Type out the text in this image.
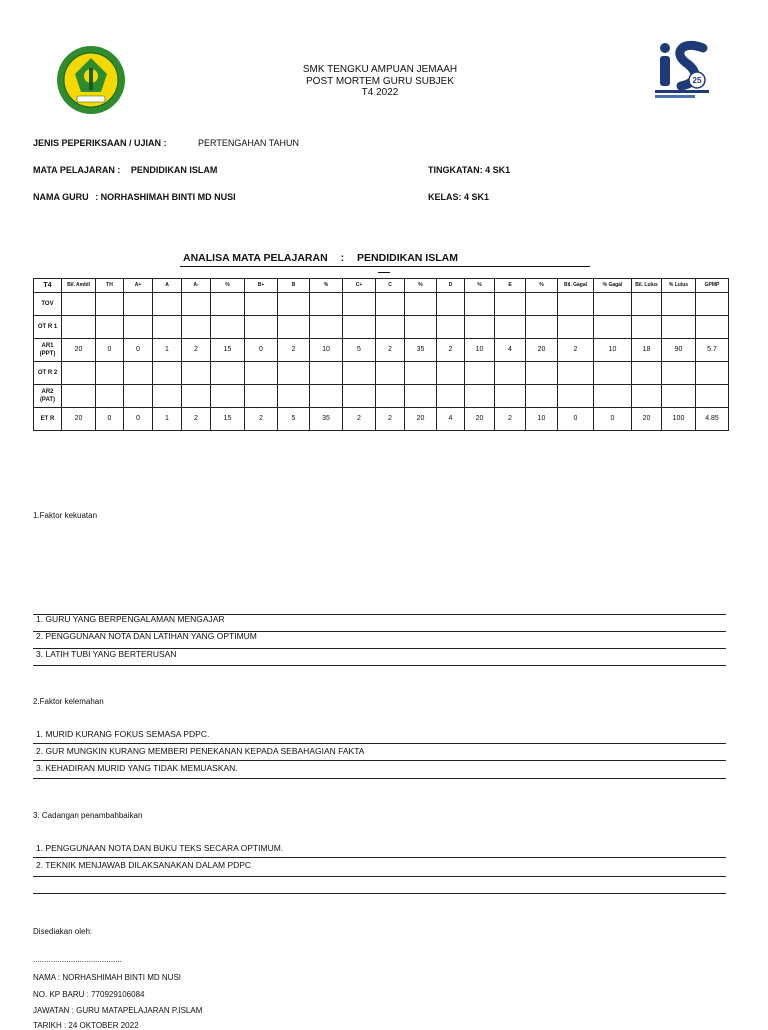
SMK TENGKU AMPUAN JEMAAH
POST MORTEM GURU SUBJEK
T4 2022
25
JENIS PEPERIKSAAN / UJIAN :	PERTENGAHAN TAHUN
MATA PELAJARAN : PENDIDIKAN ISLAM	TINGKATAN: 4 SK1
NAMA GURU : NORHASHIMAH BINTI MD NUSI	KELAS: 4 SK1
ANALISA MATA PELAJARAN : PENDIDIKAN ISLAM
T4	Bil. Ambil	TH	A+	A	A-	%	B+	B	%	C+	C	%	D	%	E	%	Bil. Gagal	% Gagal	Bil. Lulus	% Lulus	GPMP
TOV																					
OT R 1																					
AR1 (PPT)	20	0	0	1	2	15	0	2	10	5	2	35	2	10	4	20	2	10	18	90	5.7
OT R 2																					
AR2 (PAT)																					
ET R	20	0	0	1	2	15	2	5	35	2	2	20	4	20	2	10	0	0	20	100	4.85
1.Faktor kekuatan
1. GURU YANG BERPENGALAMAN MENGAJAR
2. PENGGUNAAN NOTA DAN LATIHAN YANG OPTIMUM
3. LATIH TUBI YANG BERTERUSAN
2.Faktor kelemahan
1. MURID KURANG FOKUS SEMASA PDPC.
2. GUR MUNGKIN KURANG MEMBERI PENEKANAN KEPADA SEBAHAGIAN FAKTA
3. KEHADIRAN MURID YANG TIDAK MEMUASKAN.
3. Cadangan penambahbaikan
1. PENGGUNAAN NOTA DAN BUKU TEKS SECARA OPTIMUM.
2. TEKNIK MENJAWAB DILAKSANAKAN DALAM PDPC
Disediakan oleh:
........................................
NAMA : NORHASHIMAH BINTI MD NUSI
NO. KP BARU : 770929106084
JAWATAN : GURU MATAPELAJARAN P.ISLAM
TARIKH : 24 OKTOBER 2022
